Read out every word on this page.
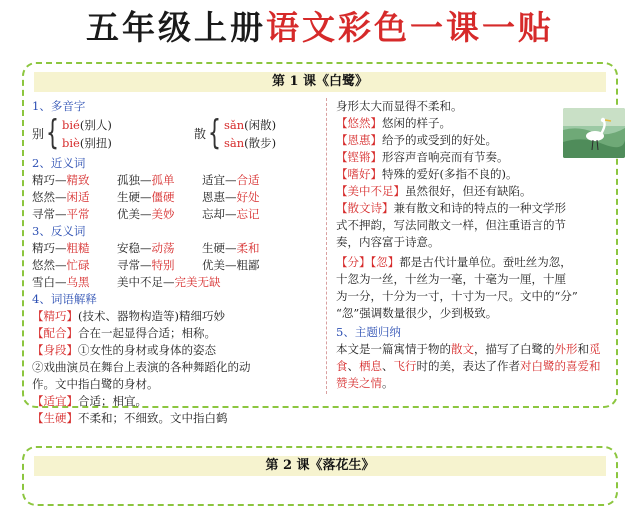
五年级上册语文彩色一课一贴
第 1 课《白鹭》
1、多音字
别 { bié(别人)
biè(别扭)
散 { sǎn(闲散)
sàn(散步)
2、近义词
精巧—精致 孤独—孤单 适宜—合适
悠然—闲适 生硬—僵硬 恩惠—好处
寻常—平常 优美—美妙 忘却—忘记
3、反义词
精巧—粗糙 安稳—动荡 生硬—柔和
悠然—忙碌 寻常—特别 优美—粗鄙
雪白—乌黑 美中不足—完美无缺
4、词语解释
【精巧】(技术、器物构造等)精细巧妙
【配合】合在一起显得合适；相称。
【身段】①女性的身材或身体的姿态
②戏曲演员在舞台上表演的各种舞蹈化的动
作。文中指白鹭的身材。
【适宜】合适；相宜。
【生硬】不柔和；不细致。文中指白鹤
身形太大而显得不柔和。
【悠然】悠闲的样子。
【恩惠】给予的或受到的好处。
【铿锵】形容声音响亮而有节奏。
【嗜好】特殊的爱好(多指不良的)。
【美中不足】虽然很好，但还有缺陷。
【散文诗】兼有散文和诗的特点的一种文学形
式不押韵，写法同散文一样，但注重语言的节
奏，内容富于诗意。
【分】【忽】都是古代计量单位。蚕吐丝为忽，
十忽为一丝，十丝为一毫，十毫为一厘，十厘
为一分，十分为一寸，十寸为一尺。文中的“分”
“忽”强调数量很少，少到极致。
5、主题归纳
本文是一篇寓情于物的散文，描写了白鹭的外形和觅食、栖息、飞行时的美，表达了作者对白鹭的喜爱和赞美之情。
第 2 课《落花生》
